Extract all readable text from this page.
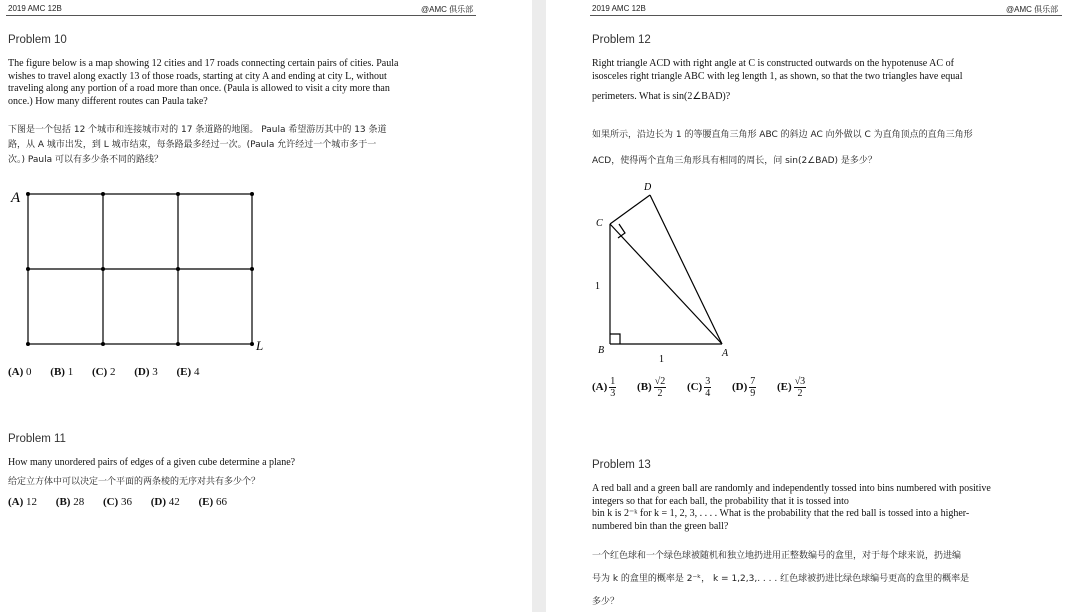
2019 AMC 12B	@AMC 俱乐部
Problem 10
The figure below is a map showing 12 cities and 17 roads connecting certain pairs of cities. Paula
wishes to travel along exactly 13 of those roads, starting at city A and ending at city L, without
traveling along any portion of a road more than once. (Paula is allowed to visit a city more than
once.) How many different routes can Paula take?
下图是一个包括 12 个城市和连接城市对的 17 条道路的地图。 Paula 希望游历其中的 13 条道
路，从 A 城市出发，到 L 城市结束，每条路最多经过一次。(Paula 允许经过一个城市多于一
次。) Paula 可以有多少条不同的路线？
A
L
(A) 0 (B) 1 (C) 2 (D) 3 (E) 4
Problem 11
How many unordered pairs of edges of a given cube determine a plane?
给定立方体中可以决定一个平面的两条棱的无序对共有多少个？
(A) 12 (B) 28 (C) 36 (D) 42 (E) 66
2019 AMC 12B	@AMC 俱乐部
Problem 12
Right triangle ACD with right angle at C is constructed outwards on the hypotenuse AC of
isosceles right triangle ABC with leg length 1, as shown, so that the two triangles have equal
perimeters. What is sin(2∠BAD)?
如果所示，沿边长为 1 的等腰直角三角形 ABC 的斜边 AC 向外做以 C 为直角顶点的直角三角形
ACD，使得两个直角三角形具有相同的周长，问 sin(2∠BAD) 是多少？
D
C
B	A
1
1
$(A) \frac{1}{3} (B) \frac{√2}{2} (C) \frac{3}{4} (D) \frac{7}{9} (E) \frac{√3}{2}$
Problem 13
A red ball and a green ball are randomly and independently tossed into bins numbered with positive
integers so that for each ball, the probability that it is tossed into
bin k is 2⁻ᵏ for k = 1, 2, 3, . . . . What is the probability that the red ball is tossed into a higher-
numbered bin than the green ball?
一个红色球和一个绿色球被随机和独立地扔进用正整数编号的盒里，对于每个球来说，扔进编
号为 k 的盒里的概率是 2⁻ᵏ， k = 1,2,3,. . . . 红色球被扔进比绿色球编号更高的盒里的概率是
多少？
